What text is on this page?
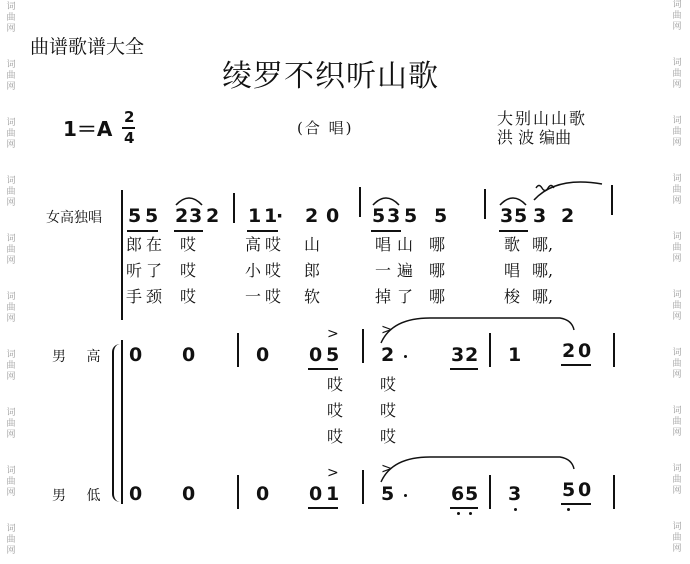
词
曲
网
词
曲
网
词
曲
网
词
曲
网
词
曲
网
词
曲
网
词
曲
网
词
曲
网
词
曲
网
词
曲
网
词
曲
网
词
曲
网
词
曲
网
词
曲
网
词
曲
网
词
曲
网
词
曲
网
词
曲
网
词
曲
网
词
曲
网
曲谱歌谱大全
绫罗不织听山歌
1＝A 2
4
(合 唱)	大别山山歌
洪 波 编曲
女高独唱
男 高
男 低
5 5 2 3 2 1 1
· 2 0 5 3 5 5	3 5 3 2
郎 在 哎	高 哎 山	唱 山 哪	歌 哪,
听 了 哎	小 哎 郎	一 遍 哪	唱 哪,
手 颈 哎	一 哎 软	掉 了 哪	梭 哪,
>	>
0 0	0 0 5 2	3 2 1 2 0
哎 哎
哎 哎
哎 哎
>	>
0 0	0 0 1 5	6 5 3 5 0
